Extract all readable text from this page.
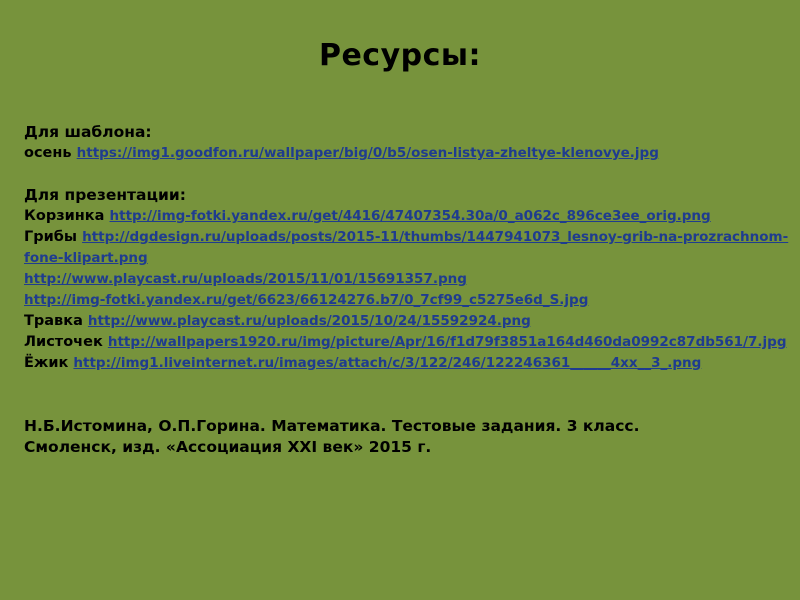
Ресурсы:
Для шаблона:
осень https://img1.goodfon.ru/wallpaper/big/0/b5/osen-listya-zheltye-klenovye.jpg
Для презентации:
Корзинка http://img-fotki.yandex.ru/get/4416/47407354.30a/0_a062c_896ce3ee_orig.png
Грибы http://dgdesign.ru/uploads/posts/2015-11/thumbs/1447941073_lesnoy-grib-na-prozrachnom-fone-klipart.png
http://www.playcast.ru/uploads/2015/11/01/15691357.png
http://img-fotki.yandex.ru/get/6623/66124276.b7/0_7cf99_c5275e6d_S.jpg
Травка http://www.playcast.ru/uploads/2015/10/24/15592924.png
Листочек http://wallpapers1920.ru/img/picture/Apr/16/f1d79f3851a164d460da0992c87db561/7.jpg
Ёжик http://img1.liveinternet.ru/images/attach/c/3/122/246/122246361______4xx__3_.png
Н.Б.Истомина, О.П.Горина. Математика. Тестовые задания. 3 класс.
Смоленск, изд. «Ассоциация XXI век» 2015 г.
